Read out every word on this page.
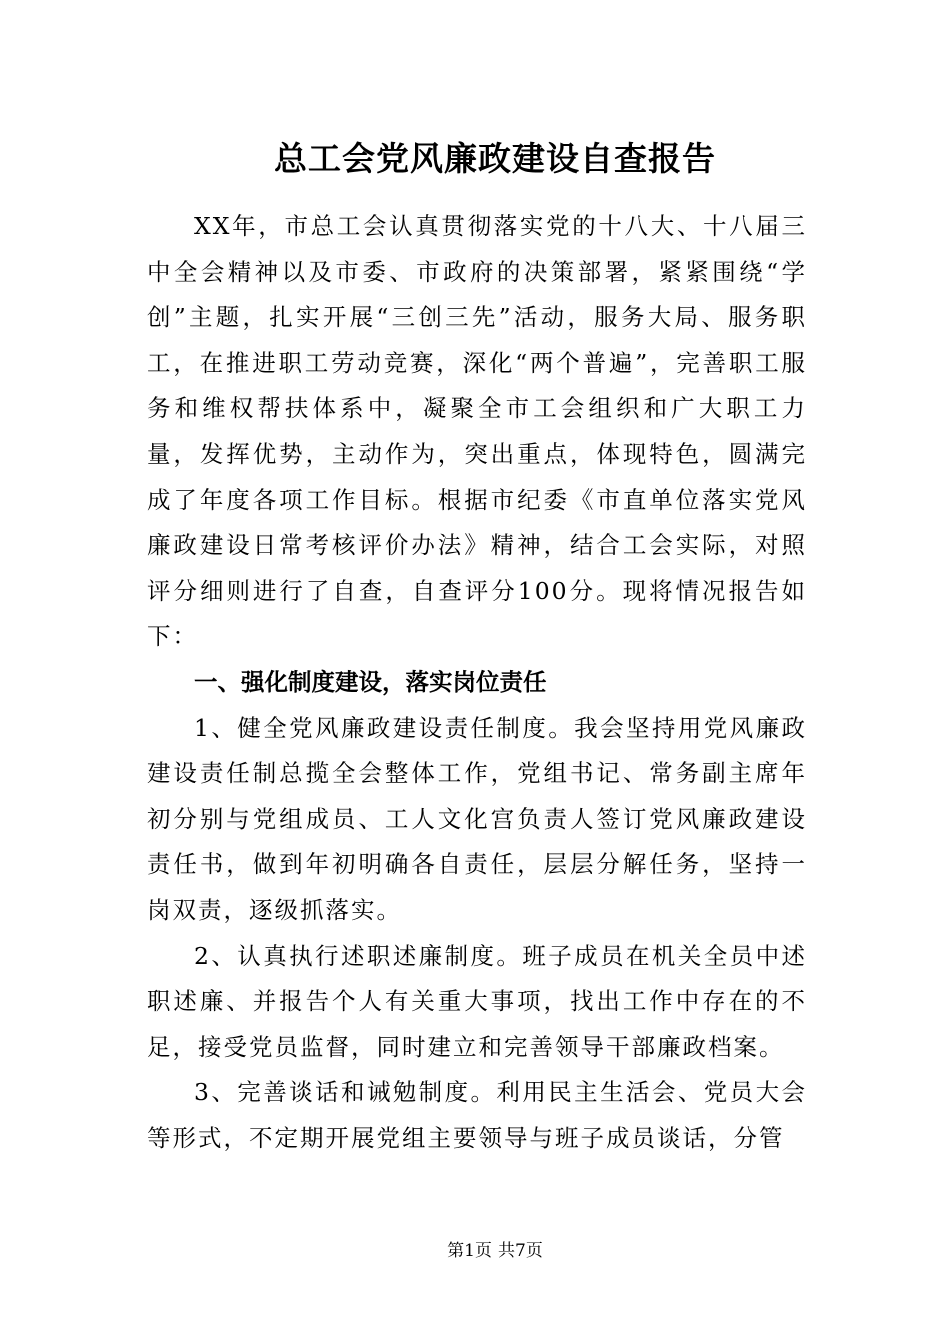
总工会党风廉政建设自查报告

XX年，市总工会认真贯彻落实党的十八大、十八届三中全会精神以及市委、市政府的决策部署，紧紧围绕“学创”主题，扎实开展“三创三先”活动，服务大局、服务职工，在推进职工劳动竞赛，深化“两个普遍”，完善职工服务和维权帮扶体系中，凝聚全市工会组织和广大职工力量，发挥优势，主动作为，突出重点，体现特色，圆满完成了年度各项工作目标。根据市纪委《市直单位落实党风廉政建设日常考核评价办法》精神，结合工会实际，对照评分细则进行了自查，自查评分100分。现将情况报告如下：

一、强化制度建设，落实岗位责任

1、健全党风廉政建设责任制度。我会坚持用党风廉政建设责任制总揽全会整体工作，党组书记、常务副主席年初分别与党组成员、工人文化宫负责人签订党风廉政建设责任书，做到年初明确各自责任，层层分解任务，坚持一岗双责，逐级抓落实。

2、认真执行述职述廉制度。班子成员在机关全员中述职述廉、并报告个人有关重大事项，找出工作中存在的不足，接受党员监督，同时建立和完善领导干部廉政档案。

3、完善谈话和诫勉制度。利用民主生活会、党员大会等形式，不定期开展党组主要领导与班子成员谈话，分管

第1页 共7页
